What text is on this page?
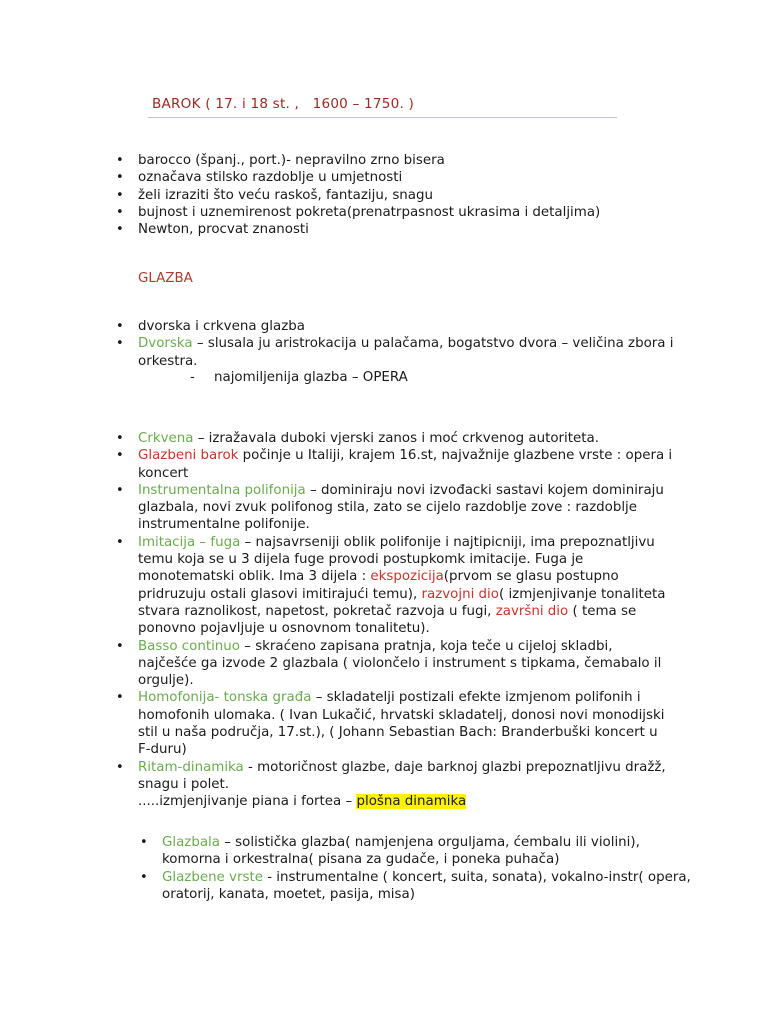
BAROK ( 17. i 18 st. ,   1600 – 1750. )
• barocco (španj., port.)- nepravilno zrno bisera
• označava stilsko razdoblje u umjetnosti
• želi izraziti što veću raskoš, fantaziju, snagu
• bujnost i uznemirenost pokreta(prenatrpasnost ukrasima i detaljima)
• Newton, procvat znanosti
GLAZBA
• dvorska i crkvena glazba
• Dvorska – slusala ju aristrokacija u palačama, bogatstvo dvora – veličina zbora i orkestra.
- najomiljenija glazba – OPERA
• Crkvena – izražavala duboki vjerski zanos i moć crkvenog autoriteta.
• Glazbeni barok počinje u Italiji, krajem 16.st, najvažnije glazbene vrste : opera i koncert
• Instrumentalna polifonija – dominiraju novi izvođacki sastavi kojem dominiraju glazbala, novi zvuk polifonog stila, zato se cijelo razdoblje zove : razdoblje instrumentalne polifonije.
• Imitacija – fuga – najsavrseniji oblik polifonije i najtipicniji, ima prepoznatljivu temu koja se u 3 dijela fuge provodi postupkomk imitacije. Fuga je monotematski oblik. Ima 3 dijela : ekspozicija(prvom se glasu postupno pridruzuju ostali glasovi imitirajući temu), razvojni dio( izmjenjivanje tonaliteta stvara raznolikost, napetost, pokretač razvoja u fugi, završni dio ( tema se ponovno pojavljuje u osnovnom tonalitetu).
• Basso continuo – skraćeno zapisana pratnja, koja teče u cijeloj skladbi, najčešće ga izvode 2 glazbala ( violončelo i instrument s tipkama, čemabalo il orgulje).
• Homofonija- tonska građa – skladatelji postizali efekte izmjenom polifonih i homofonih ulomaka. ( Ivan Lukačić, hrvatski skladatelj, donosi novi monodijski stil u naša područja, 17.st.), ( Johann Sebastian Bach: Branderbuški koncert u F-duru)
• Ritam-dinamika - motoričnost glazbe, daje barknoj glazbi prepoznatljivu dražž, snagu i polet.
.....izmjenjivanje piana i fortea – plošna dinamika
• Glazbala – solistička glazba( namjenjena orguljama, ćembalu ili violini), komorna i orkestralna( pisana za gudače, i poneka puhača)
• Glazbene vrste - instrumentalne ( koncert, suita, sonata), vokalno-instr( opera, oratorij, kanata, moetet, pasija, misa)
